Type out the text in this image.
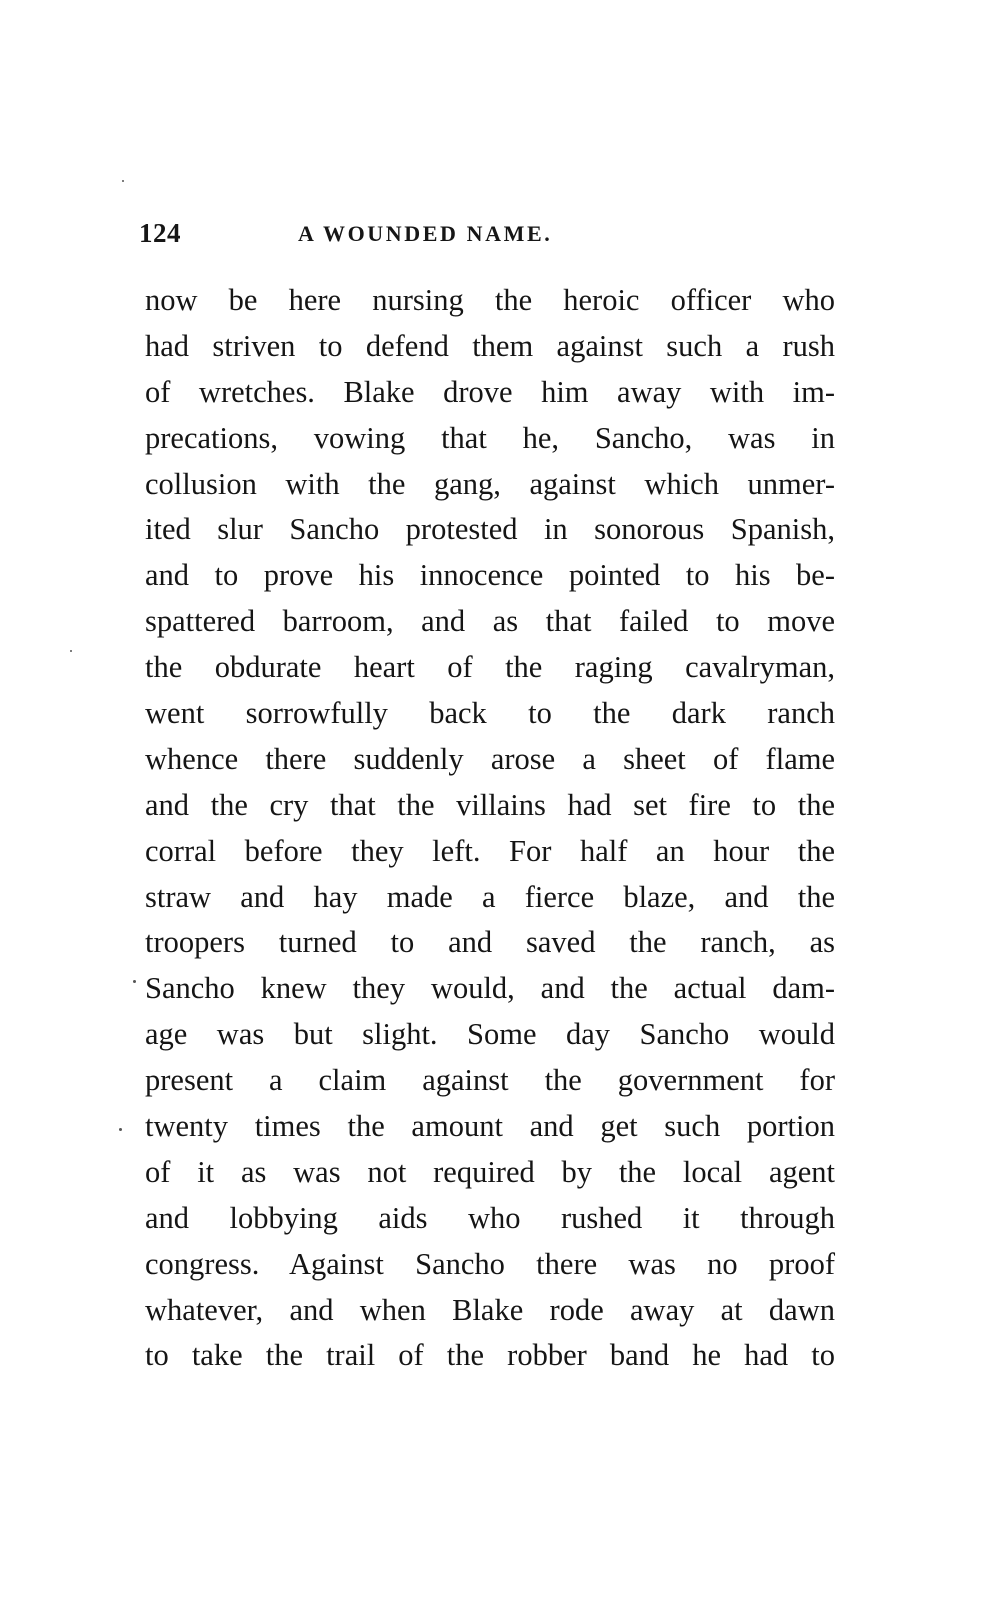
124	A WOUNDED NAME.
now be here nursing the heroic officer who
had striven to defend them against such a rush
of wretches. Blake drove him away with im-
precations, vowing that he, Sancho, was in
collusion with the gang, against which unmer-
ited slur Sancho protested in sonorous Spanish,
and to prove his innocence pointed to his be-
spattered barroom, and as that failed to move
the obdurate heart of the raging cavalryman,
went sorrowfully back to the dark ranch
whence there suddenly arose a sheet of flame
and the cry that the villains had set fire to the
corral before they left. For half an hour the
straw and hay made a fierce blaze, and the
troopers turned to and saved the ranch, as
Sancho knew they would, and the actual dam-
age was but slight. Some day Sancho would
present a claim against the government for
twenty times the amount and get such portion
of it as was not required by the local agent
and lobbying aids who rushed it through
congress. Against Sancho there was no proof
whatever, and when Blake rode away at dawn
to take the trail of the robber band he had to
